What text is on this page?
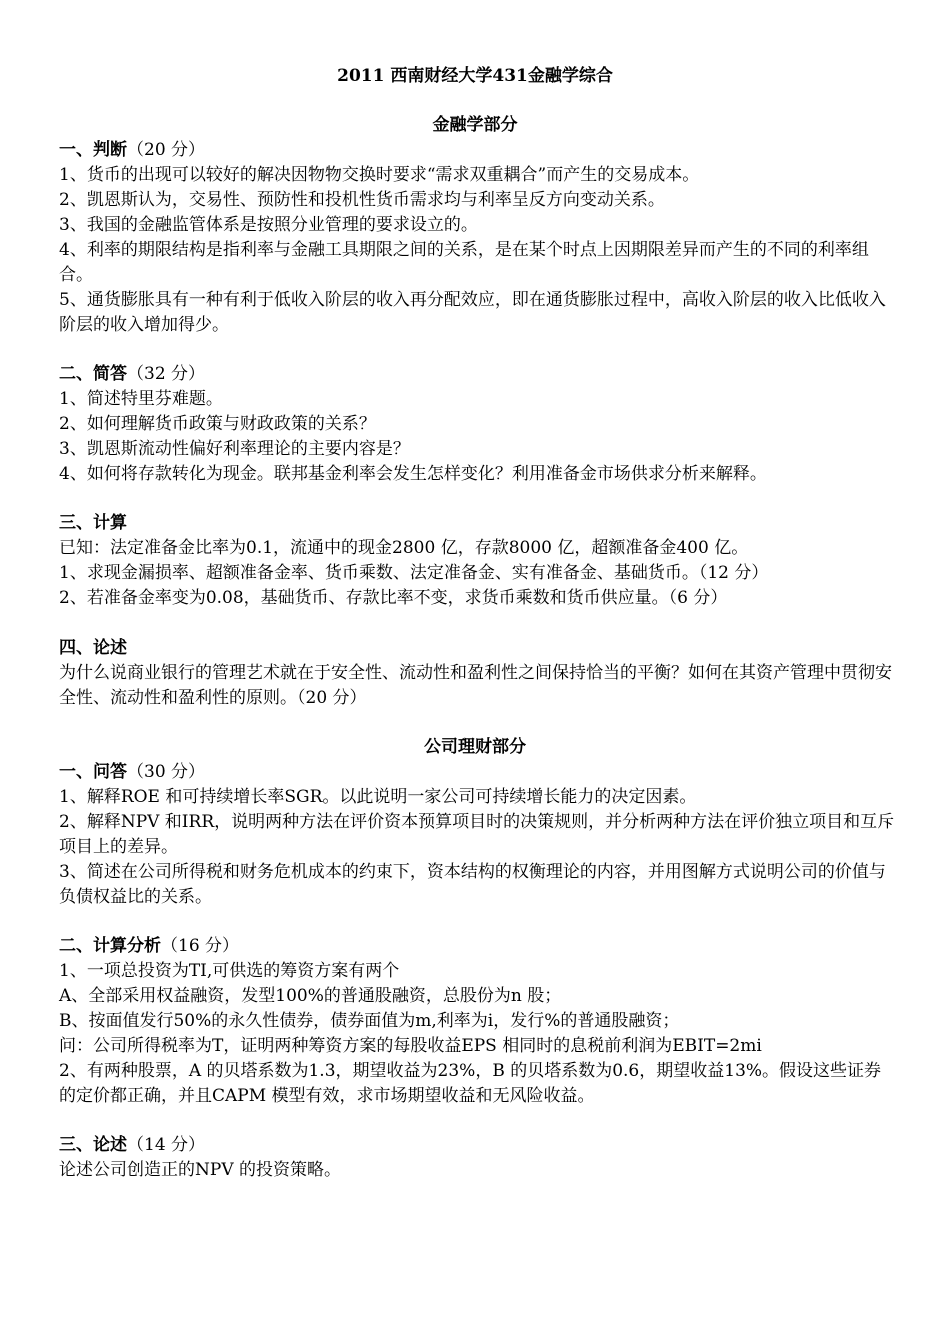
2011 西南财经大学431金融学综合
金融学部分
一、判断（20 分）
1、货币的出现可以较好的解决因物物交换时要求“需求双重耦合”而产生的交易成本。
2、凯恩斯认为，交易性、预防性和投机性货币需求均与利率呈反方向变动关系。
3、我国的金融监管体系是按照分业管理的要求设立的。
4、利率的期限结构是指利率与金融工具期限之间的关系，是在某个时点上因期限差异而产生的不同的利率组合。
5、通货膨胀具有一种有利于低收入阶层的收入再分配效应，即在通货膨胀过程中，高收入阶层的收入比低收入阶层的收入增加得少。
二、简答（32 分）
1、简述特里芬难题。
2、如何理解货币政策与财政政策的关系？
3、凯恩斯流动性偏好利率理论的主要内容是？
4、如何将存款转化为现金。联邦基金利率会发生怎样变化？利用准备金市场供求分析来解释。
三、计算
已知：法定准备金比率为0.1，流通中的现金2800 亿，存款8000 亿，超额准备金400 亿。
1、求现金漏损率、超额准备金率、货币乘数、法定准备金、实有准备金、基础货币。（12 分）
2、若准备金率变为0.08，基础货币、存款比率不变，求货币乘数和货币供应量。（6 分）
四、论述
为什么说商业银行的管理艺术就在于安全性、流动性和盈利性之间保持恰当的平衡？如何在其资产管理中贯彻安全性、流动性和盈利性的原则。（20 分）
公司理财部分
一、问答（30 分）
1、解释ROE 和可持续增长率SGR。以此说明一家公司可持续增长能力的决定因素。
2、解释NPV 和IRR，说明两种方法在评价资本预算项目时的决策规则，并分析两种方法在评价独立项目和互斥项目上的差异。
3、简述在公司所得税和财务危机成本的约束下，资本结构的权衡理论的内容，并用图解方式说明公司的价值与负债权益比的关系。
二、计算分析（16 分）
1、一项总投资为TI,可供选的筹资方案有两个
A、全部采用权益融资，发型100%的普通股融资，总股份为n 股；
B、按面值发行50%的永久性债券，债券面值为m,利率为i，发行%的普通股融资；
问：公司所得税率为T，证明两种筹资方案的每股收益EPS 相同时的息税前利润为EBIT=2mi
2、有两种股票，A 的贝塔系数为1.3，期望收益为23%，B 的贝塔系数为0.6，期望收益13%。假设这些证券的定价都正确，并且CAPM 模型有效，求市场期望收益和无风险收益。
三、论述（14 分）
论述公司创造正的NPV 的投资策略。
